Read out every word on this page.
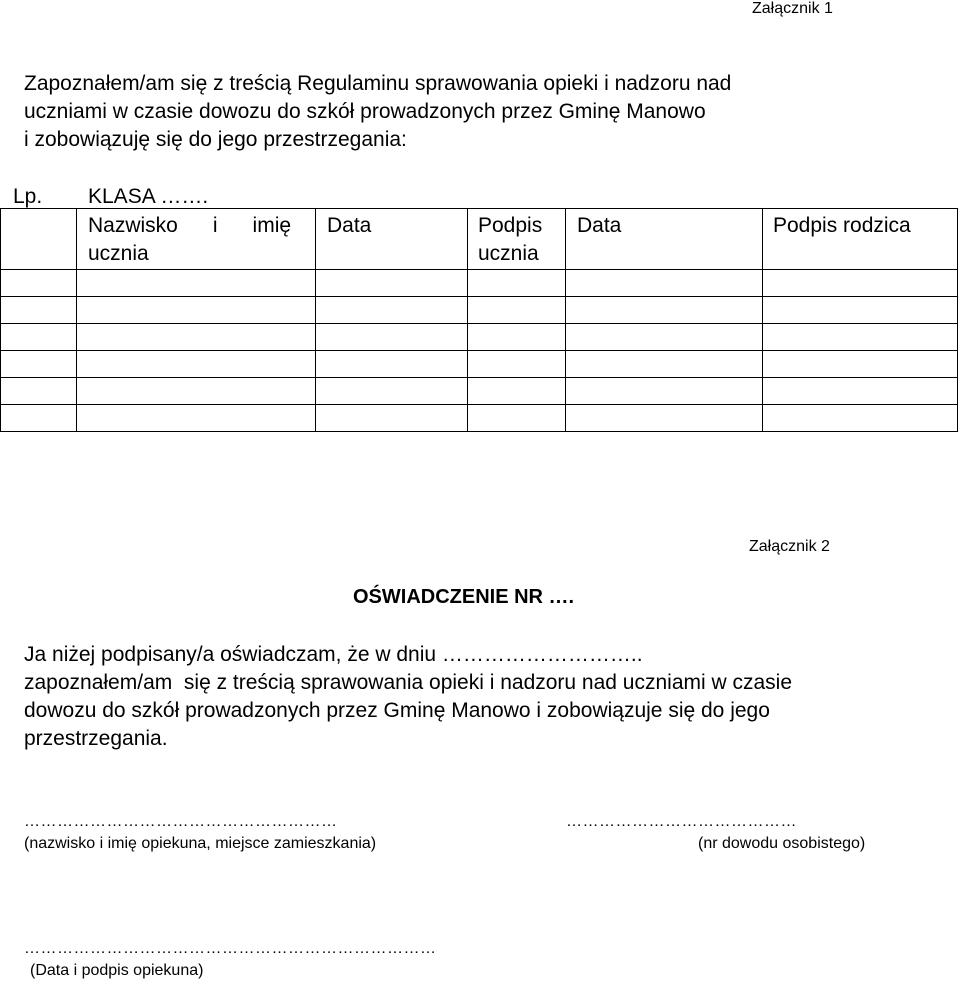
Załącznik 1
Zapoznałem/am się z treścią Regulaminu sprawowania opieki i nadzoru nad
uczniami w czasie dowozu do szkół prowadzonych przez Gminę Manowo
i zobowiązuję się do jego przestrzegania:
Lp. KLASA …….
Nazwisko      i      imię
ucznia
Data	Podpis
ucznia
Data	Podpis rodzica
Załącznik 2
OŚWIADCZENIE NR ….
Ja niżej podpisany/a oświadczam, że w dniu ………………………..
zapoznałem/am  się z treścią sprawowania opieki i nadzoru nad uczniami w czasie
dowozu do szkół prowadzonych przez Gminę Manowo i zobowiązuje się do jego
przestrzegania.
…………………………………………………
(nazwisko i imię opiekuna, miejsce zamieszkania)
……………………………………
(nr dowodu osobistego)
…………………………………………………………………
(Data i podpis opiekuna)
